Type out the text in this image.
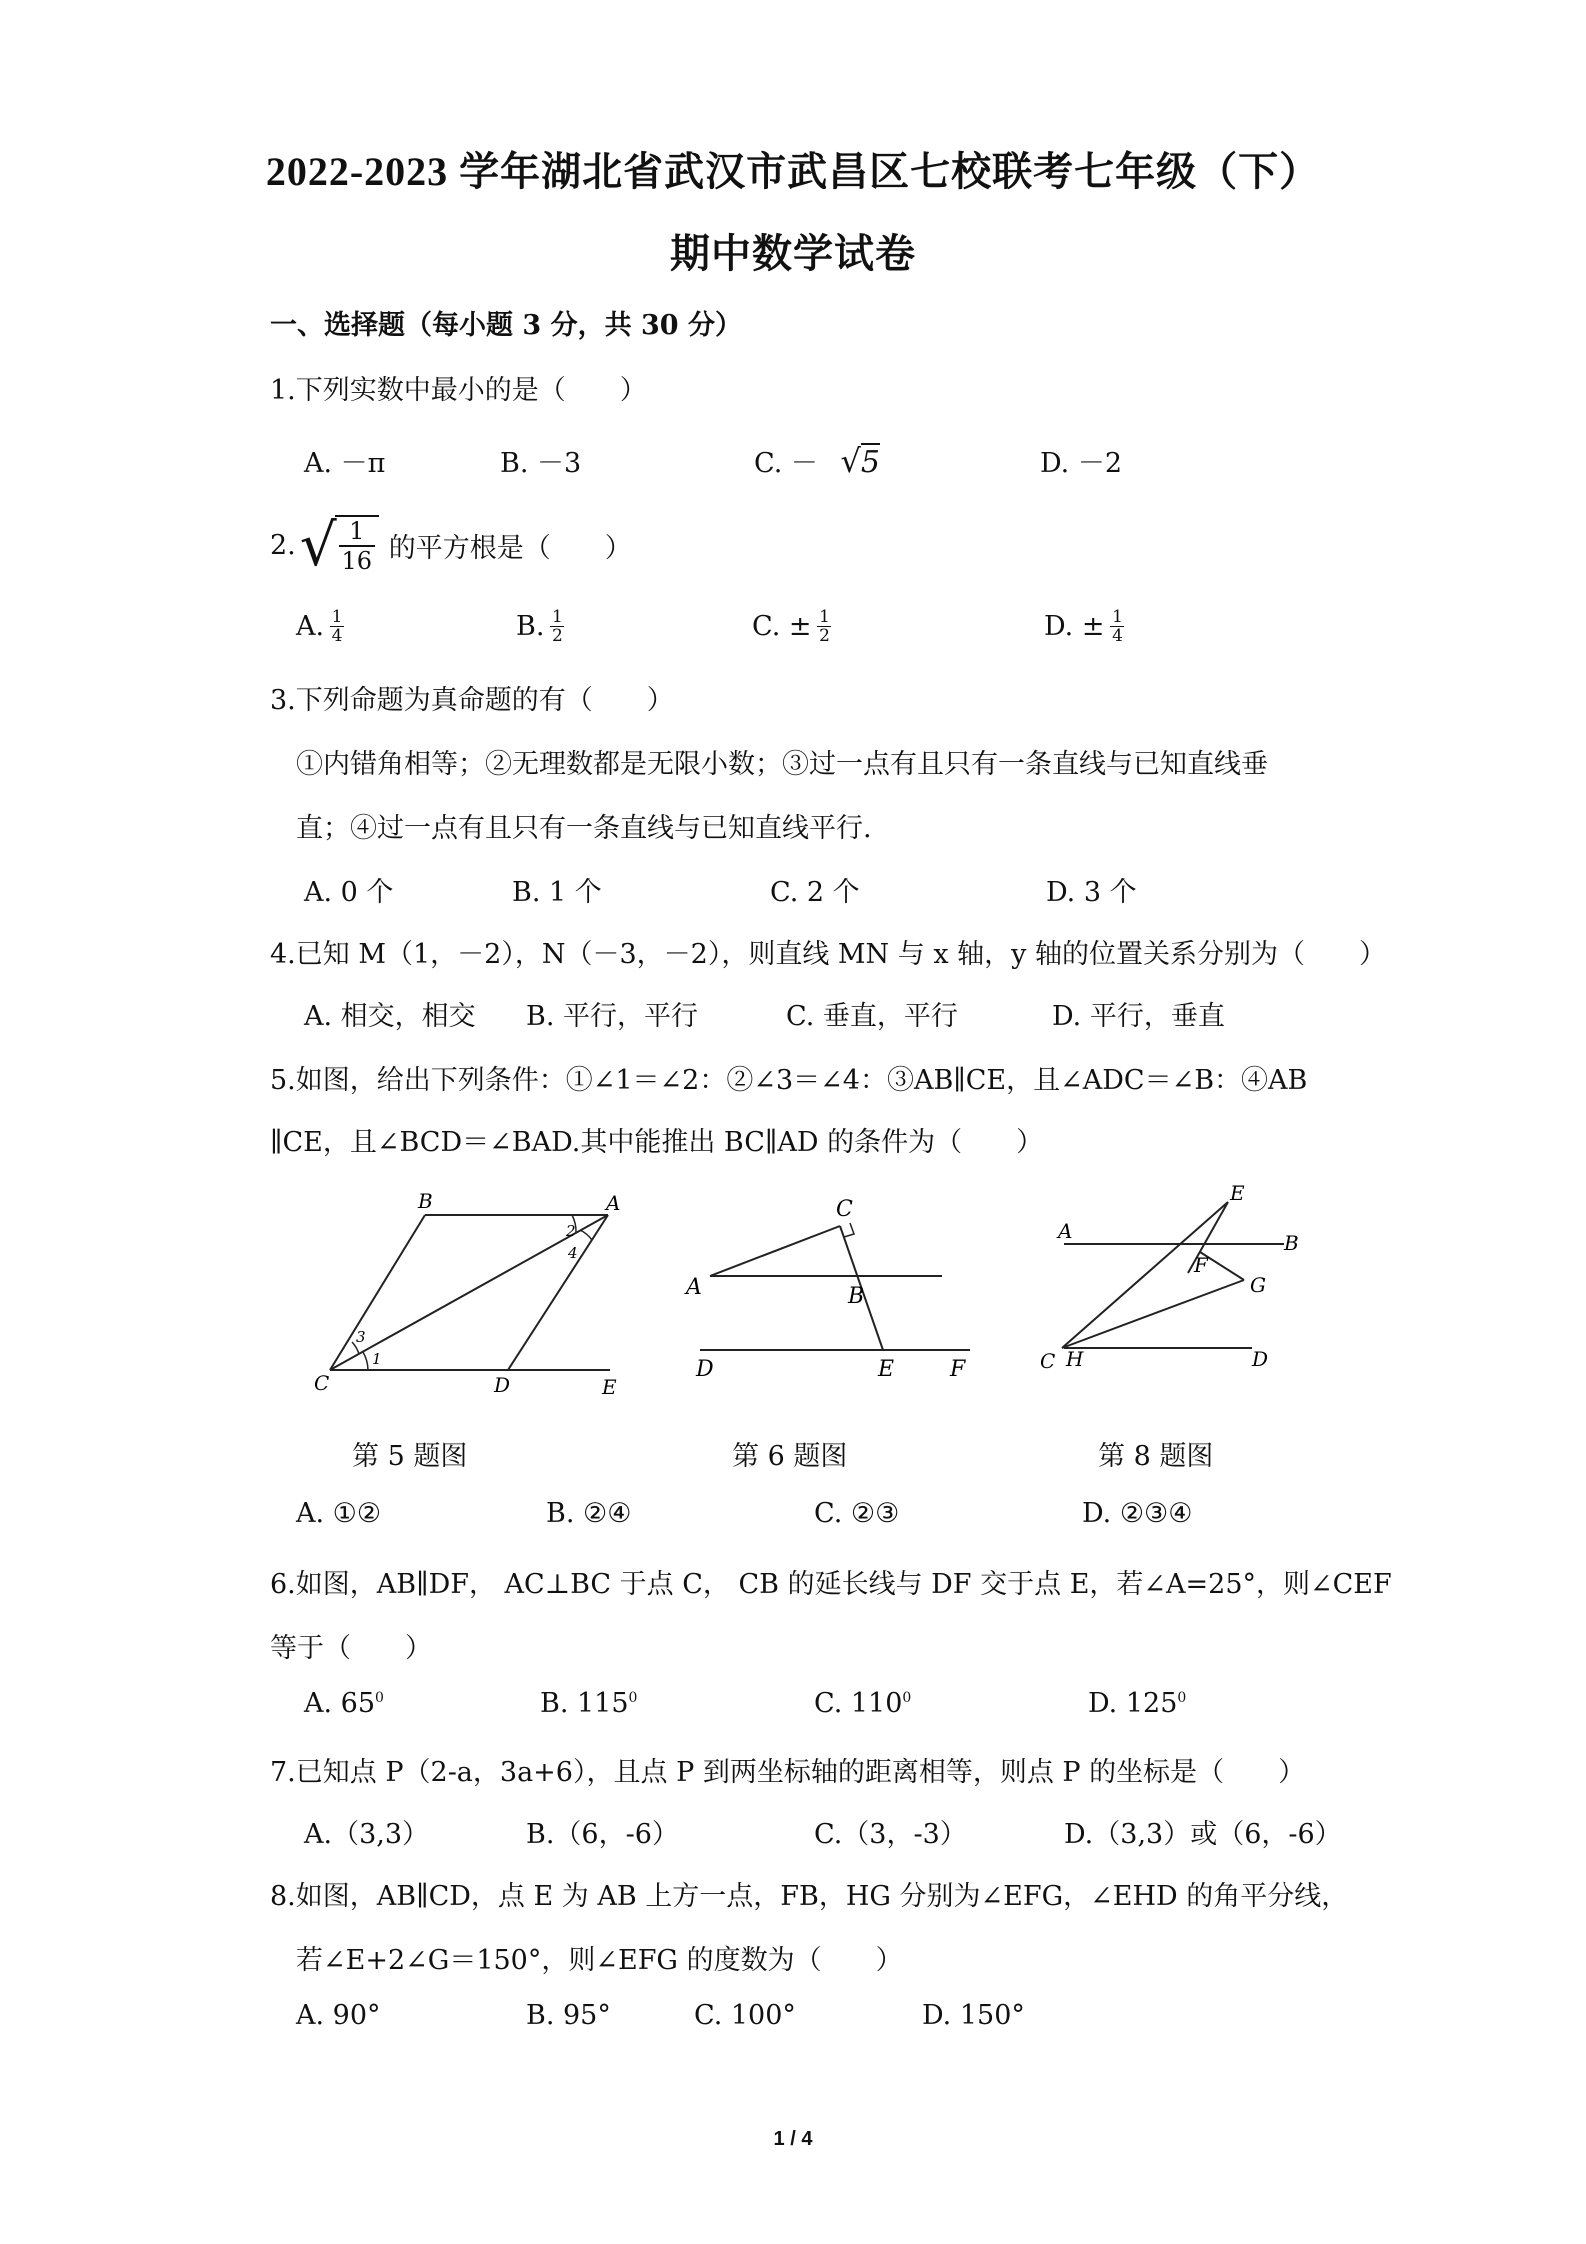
2022-2023 学年湖北省武汉市武昌区七校联考七年级（下）
期中数学试卷
一、选择题（每小题 3 分，共 30 分）
1.下列实数中最小的是（　　）
A. －π	B. －3	C. － √5	D. －2
2. √ 1
16 的平方根是（　　）
A. $\frac{1}{4}$	B. $\frac{1}{2}$	C. ± $\frac{1}{2}$	D. ± $\frac{1}{4}$
3.下列命题为真命题的有（　　）
①内错角相等；②无理数都是无限小数；③过一点有且只有一条直线与已知直线垂
直；④过一点有且只有一条直线与已知直线平行.
A. 0 个	B. 1 个	C. 2 个	D. 3 个
4.已知 M（1，－2），N（－3，－2），则直线 MN 与 x 轴，y 轴的位置关系分别为（　　）
A. 相交，相交 B. 平行，平行	C. 垂直，平行	D. 平行，垂直
5.如图，给出下列条件：①∠1＝∠2：②∠3＝∠4：③AB∥CE，且∠ADC＝∠B：④AB
∥CE，且∠BCD＝∠BAD.其中能推出 BC∥AD 的条件为（　　）
B	A
C	D	E
1
2
3
4
第 5 题图
C
A	B
D	E	F
第 6 题图
E
A	B
F
G
C H	D
第 8 题图
A. ①②	B. ②④	C. ②③	D. ②③④
6.如图，AB∥DF， AC⊥BC 于点 C， CB 的延长线与 DF 交于点 E，若∠A=25°，则∠CEF
等于（　　）
A. $65^0$	B. $115^0$	C. $110^0$	D. $125^0$
7.已知点 P（2-a，3a+6），且点 P 到两坐标轴的距离相等，则点 P 的坐标是（　　）
A.（3,3）	B.（6，-6）	C.（3，-3）	D.（3,3）或（6，-6）
8.如图，AB∥CD，点 E 为 AB 上方一点，FB，HG 分别为∠EFG，∠EHD 的角平分线，
若∠E+2∠G＝150°，则∠EFG 的度数为（　　）
A. 90°	B. 95°	C. 100°	D. 150°
1 / 4
